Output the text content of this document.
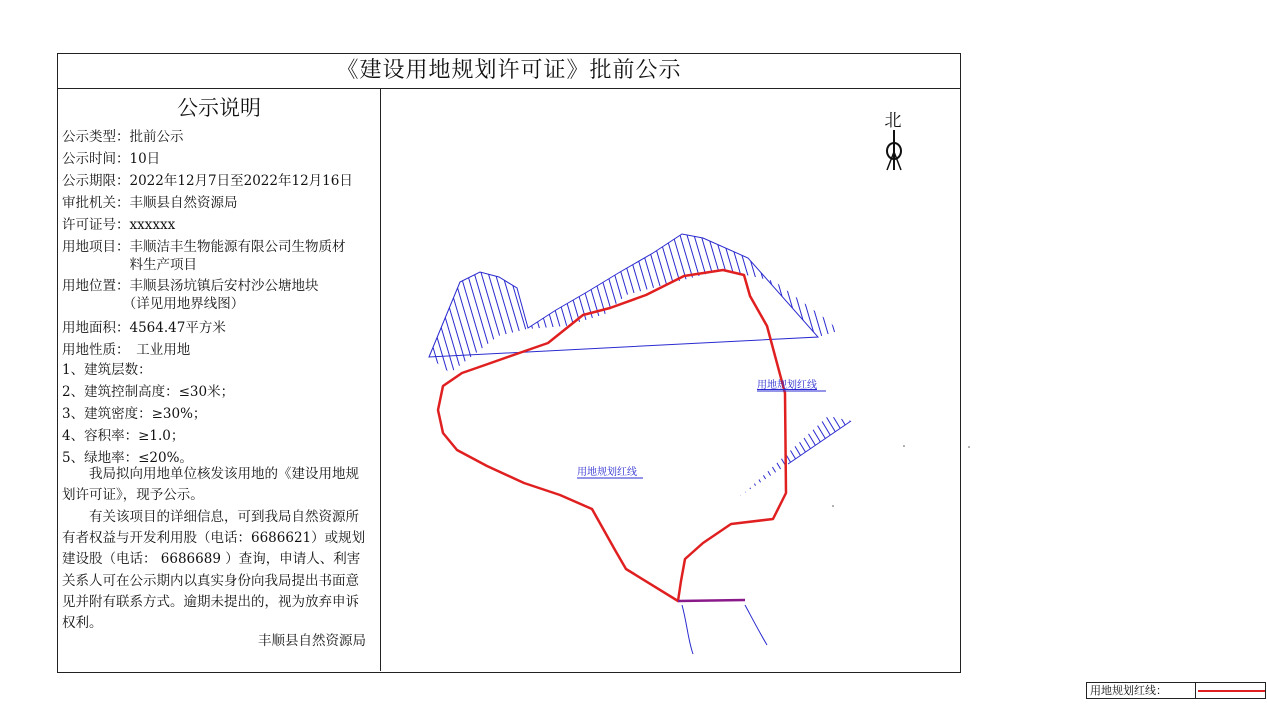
《建设用地规划许可证》批前公示
公示说明
公示类型：批前公示
公示时间：10日
公示期限：2022年12月7日至2022年12月16日
审批机关：丰顺县自然资源局
许可证号：xxxxxx
用地项目：丰顺洁丰生物能源有限公司生物质材
　　　　　料生产项目
用地位置：丰顺县汤坑镇后安村沙公塘地块
　　　　　（详见用地界线图）
用地面积：4564.47平方米
用地性质：　工业用地
1、建筑层数：
2、建筑控制高度：≤30米；
3、建筑密度：≥30%；
4、容积率：≥1.0；
5、绿地率：≤20%。
　　我局拟向用地单位核发该用地的《建设用地规划许可证》，现予公示。
　　有关该项目的详细信息，可到我局自然资源所有者权益与开发利用股（电话：6686621）或规划建设股（电话： 6686689 ）查询，申请人、利害关系人可在公示期内以真实身份向我局提出书面意见并附有联系方式。逾期未提出的，视为放弃申诉权利。
丰顺县自然资源局
用地规划红线
用地规划红线
北
用地规划红线：
